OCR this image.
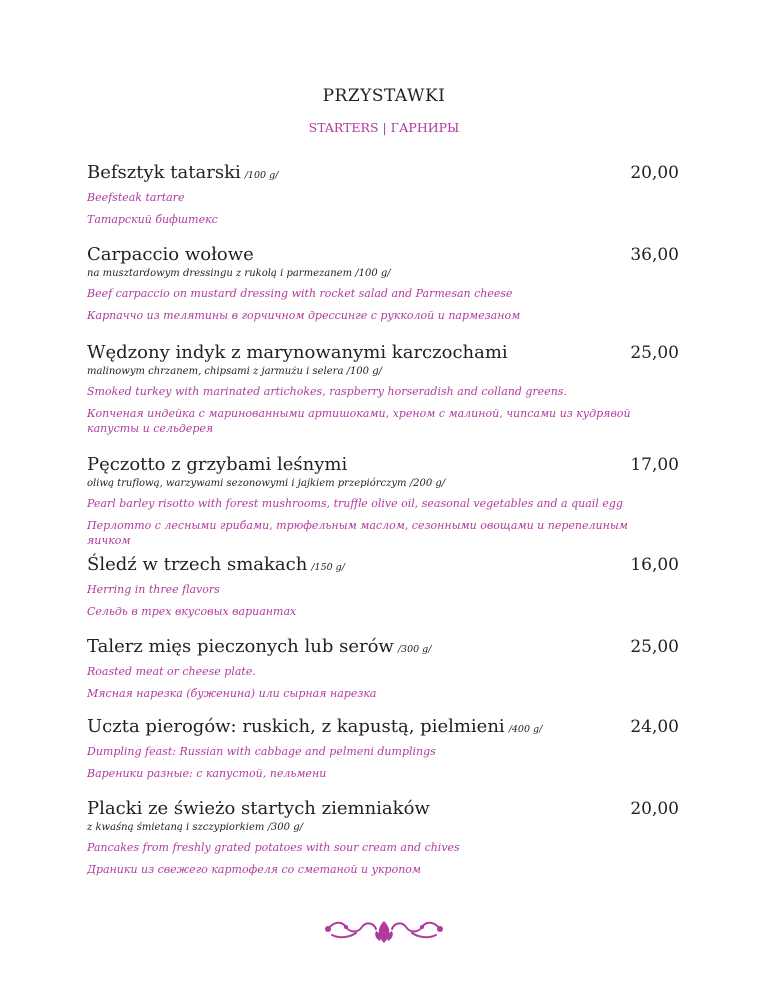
PRZYSTAWKI
STARTERS | ГАРНИРЫ
Befsztyk tatarski /100 g/	20,00
Beefsteak tartare
Татарский бифштекс
Carpaccio wołowe	36,00
na musztardowym dressingu z rukolą i parmezanem /100 g/
Beef carpaccio on mustard dressing with rocket salad and Parmesan cheese
Карпаччо из телятины в горчичном дрессинге с рукколой и пармезаном
Wędzony indyk z marynowanymi karczochami	25,00
malinowym chrzanem, chipsami z jarmużu i selera /100 g/
Smoked turkey with marinated artichokes, raspberry horseradish and colland greens.
Копченая индейка с маринованными артишоками, хреном с малиной, чипсами из кудрявой капусты и сельдерея
Pęczotto z grzybami leśnymi	17,00
oliwą truflową, warzywami sezonowymi i jajkiem przepiórczym /200 g/
Pearl barley risotto with forest mushrooms, truffle olive oil, seasonal vegetables and a quail egg
Перлотто с лесными грибами, трюфельным маслом, сезонными овощами и перепелиным яичком
Śledź w trzech smakach /150 g/	16,00
Herring in three flavors
Сельдь в трех вкусовых вариантах
Talerz mięs pieczonych lub serów /300 g/	25,00
Roasted meat or cheese plate.
Мясная нарезка (буженина) или сырная нарезка
Uczta pierogów: ruskich, z kapustą, pielmieni /400 g/	24,00
Dumpling feast: Russian with cabbage and pelmeni dumplings
Вареники разные: с капустой, пельмени
Placki ze świeżo startych ziemniaków	20,00
z kwaśną śmietaną i szczypiorkiem /300 g/
Pancakes from freshly grated potatoes with sour cream and chives
Драники из свежего картофеля со сметаной и укропом
